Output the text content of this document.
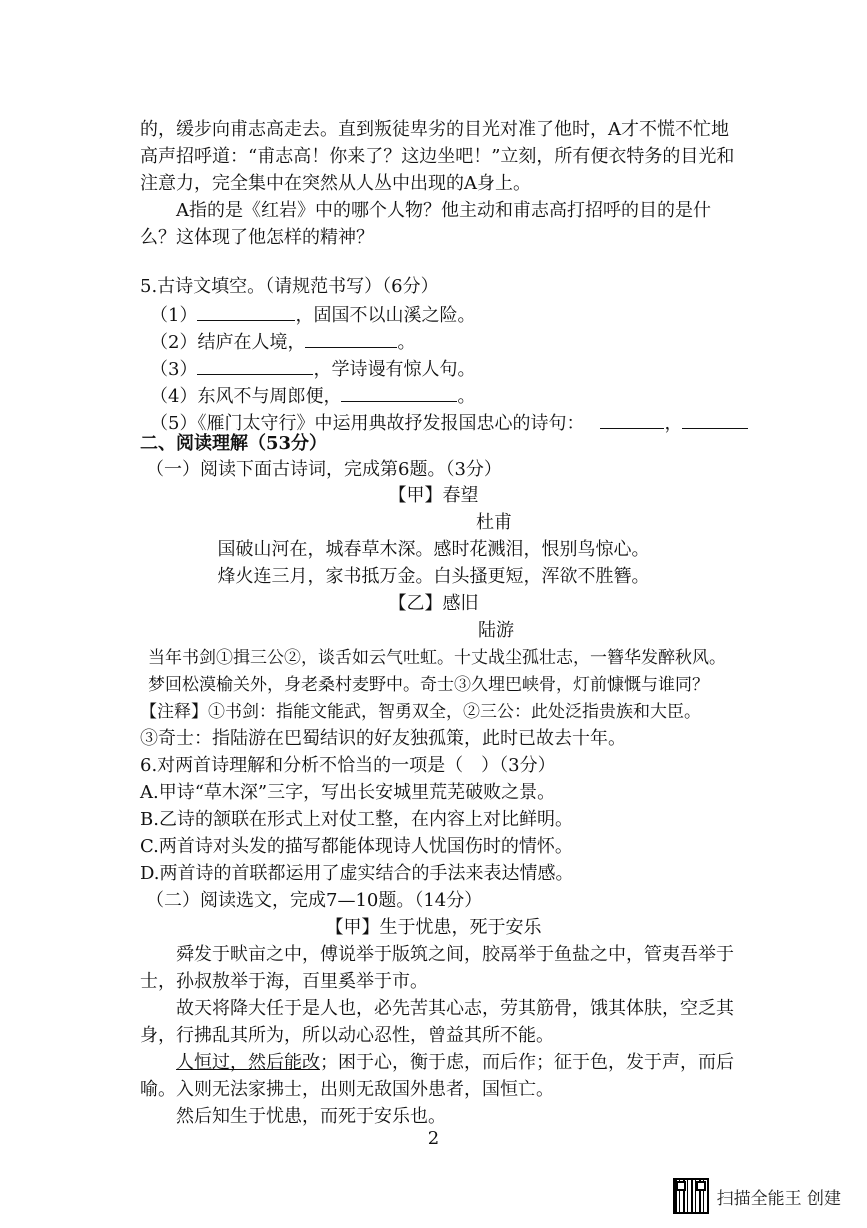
的，缓步向甫志高走去。直到叛徒卑劣的目光对准了他时，A才不慌不忙地
高声招呼道：“甫志高！你来了？这边坐吧！”立刻，所有便衣特务的目光和
注意力，完全集中在突然从人丛中出现的A身上。
A指的是《红岩》中的哪个人物？他主动和甫志高打招呼的目的是什
么？这体现了他怎样的精神？
5.古诗文填空。（请规范书写）（6分）
（1）	，固国不以山溪之险。
（2）结庐在人境，	。
（3）	，学诗谩有惊人句。
（4）东风不与周郎便，	。
（5）《雁门太守行》中运用典故抒发报国忠心的诗句：	，
二、阅读理解（53分）
（一）阅读下面古诗词，完成第6题。（3分）
【甲】春望
杜甫
国破山河在，城春草木深。感时花溅泪，恨别鸟惊心。
烽火连三月，家书抵万金。白头搔更短，浑欲不胜簪。
【乙】感旧
陆游
当年书剑①揖三公②，谈舌如云气吐虹。十丈战尘孤壮志，一簪华发醉秋风。
梦回松漠榆关外，身老桑村麦野中。奇士③久埋巴峡骨，灯前慷慨与谁同？
【注释】①书剑：指能文能武，智勇双全，②三公：此处泛指贵族和大臣。
③奇士：指陆游在巴蜀结识的好友独孤策，此时已故去十年。
6.对两首诗理解和分析不恰当的一项是（　）（3分）
A.甲诗“草木深”三字，写出长安城里荒芜破败之景。
B.乙诗的颔联在形式上对仗工整，在内容上对比鲜明。
C.两首诗对头发的描写都能体现诗人忧国伤时的情怀。
D.两首诗的首联都运用了虚实结合的手法来表达情感。
（二）阅读选文，完成7—10题。（14分）
【甲】生于忧患，死于安乐
舜发于畎亩之中，傅说举于版筑之间，胶鬲举于鱼盐之中，管夷吾举于
士，孙叔敖举于海，百里奚举于市。
故天将降大任于是人也，必先苦其心志，劳其筋骨，饿其体肤，空乏其
身，行拂乱其所为，所以动心忍性，曾益其所不能。
人恒过，然后能改；困于心，衡于虑，而后作；征于色，发于声，而后
喻。入则无法家拂士，出则无敌国外患者，国恒亡。
然后知生于忧患，而死于安乐也。
2
扫描全能王 创建
